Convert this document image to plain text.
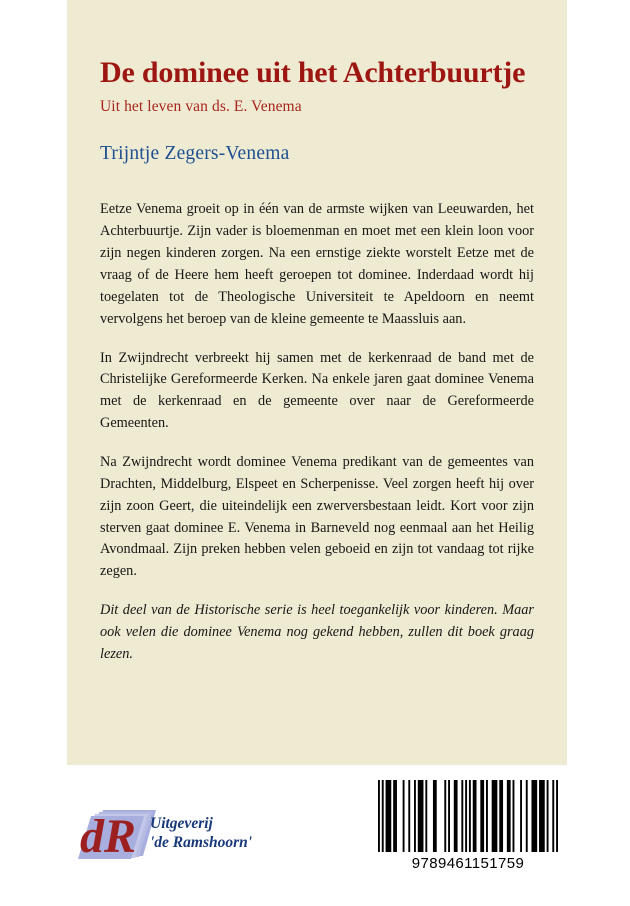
De dominee uit het Achterbuurtje
Uit het leven van ds. E. Venema
Trijntje Zegers-Venema

Eetze Venema groeit op in één van de armste wijken van Leeuwarden, het Achterbuurtje. Zijn vader is bloemenman en moet met een klein loon voor zijn negen kinderen zorgen. Na een ernstige ziekte worstelt Eetze met de vraag of de Heere hem heeft geroepen tot dominee. Inderdaad wordt hij toegelaten tot de Theologische Universiteit te Apeldoorn en neemt vervolgens het beroep van de kleine gemeente te Maassluis aan.

In Zwijndrecht verbreekt hij samen met de kerkenraad de band met de Christelijke Gereformeerde Kerken. Na enkele jaren gaat dominee Venema met de kerkenraad en de gemeente over naar de Gereformeerde Gemeenten.

Na Zwijndrecht wordt dominee Venema predikant van de gemeentes van Drachten, Middelburg, Elspeet en Scherpenisse. Veel zorgen heeft hij over zijn zoon Geert, die uiteindelijk een zwerversbestaan leidt. Kort voor zijn sterven gaat dominee E. Venema in Barneveld nog eenmaal aan het Heilig Avondmaal. Zijn preken hebben velen geboeid en zijn tot vandaag tot rijke zegen.

Dit deel van de Historische serie is heel toegankelijk voor kinderen. Maar ook velen die dominee Venema nog gekend hebben, zullen dit boek graag lezen.

dR Uitgeverij
'de Ramshoorn'
9789461151759
